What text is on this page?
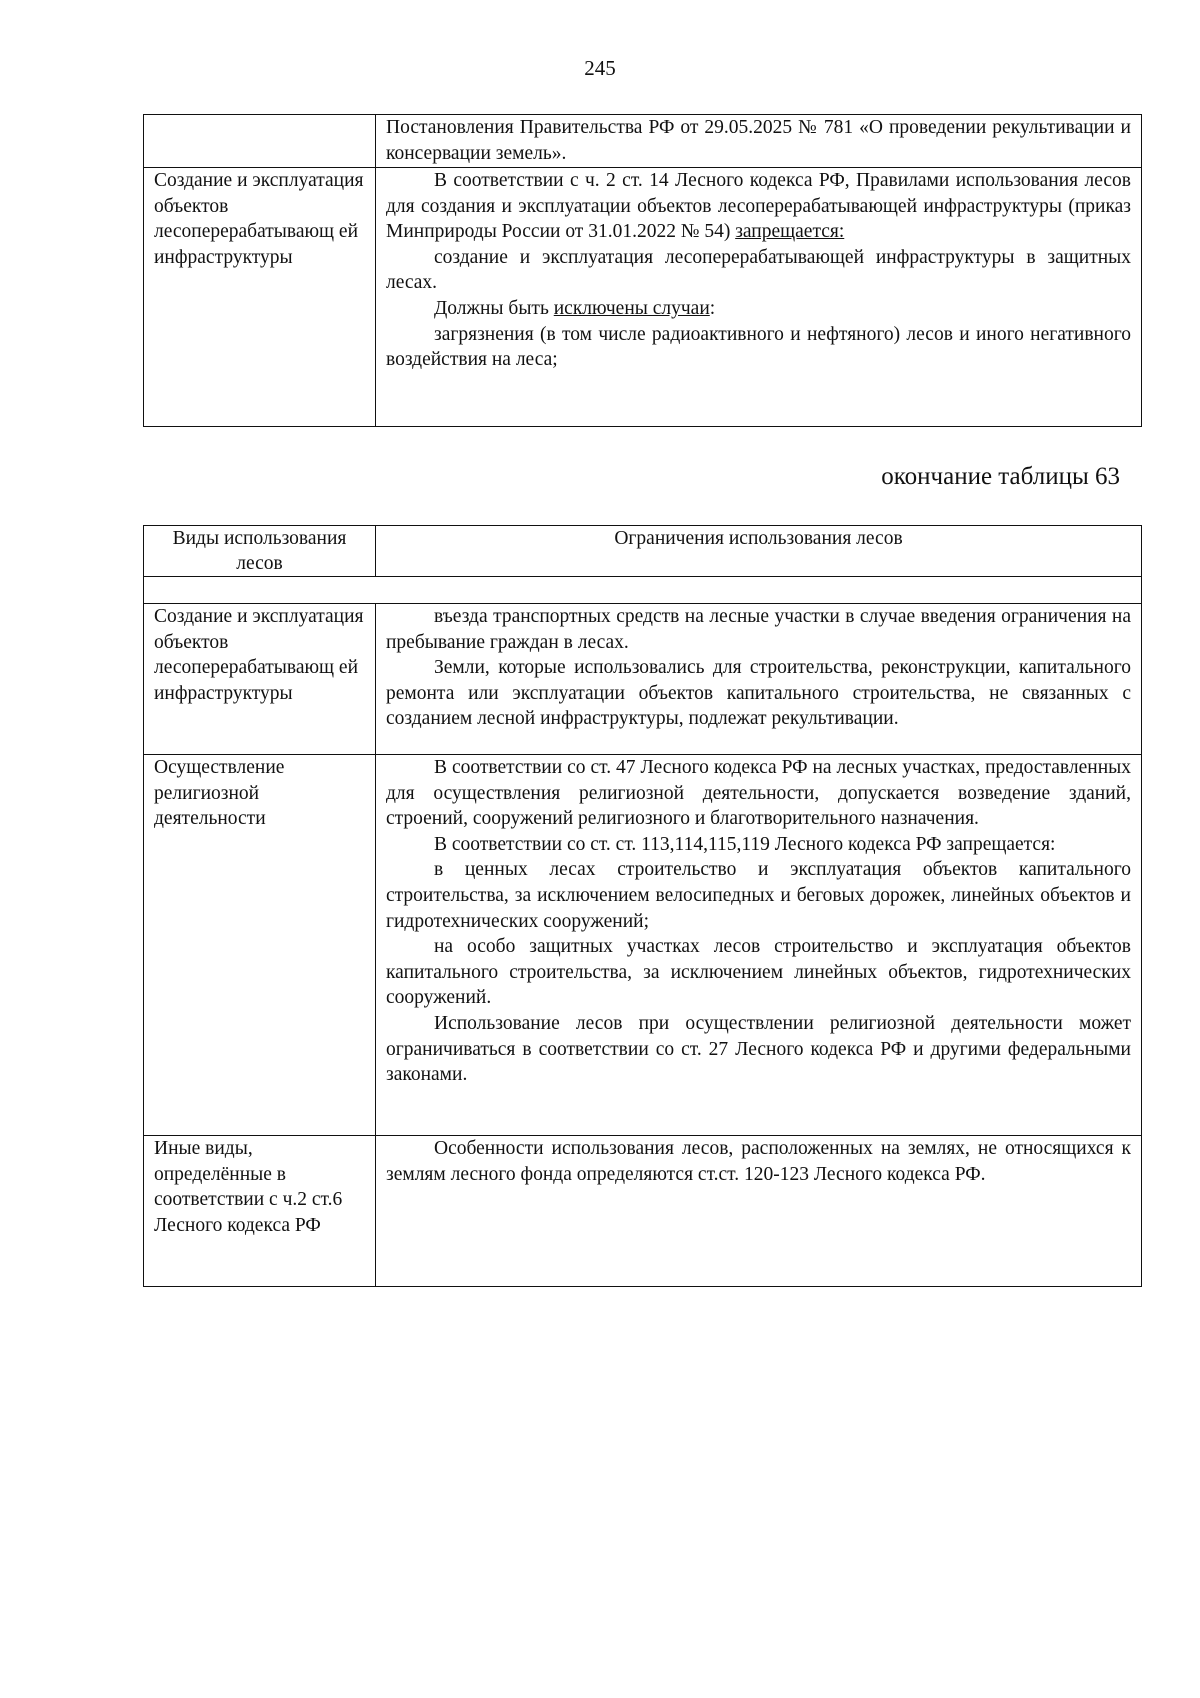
245

	Постановления Правительства РФ от 29.05.2025 № 781 «О проведении рекультивации и консервации земель».

Создание и эксплуатация объектов лесоперерабатывающ ей инфраструктуры	В соответствии с ч. 2 ст. 14 Лесного кодекса РФ, Правилами использования лесов для создания и эксплуатации объектов лесоперерабатывающей инфраструктуры (приказ Минприроды России от 31.01.2022 № 54) запрещается:

создание и эксплуатация лесоперерабатывающей инфраструктуры в защитных лесах.

Должны быть исключены случаи:

загрязнения (в том числе радиоактивного и нефтяного) лесов и иного негативного воздействия на леса;

окончание таблицы 63
Виды использования лесов	Ограничения использования лесов

Создание и эксплуатация объектов лесоперерабатывающ ей инфраструктуры	въезда транспортных средств на лесные участки в случае введения ограничения на пребывание граждан в лесах.

Земли, которые использовались для строительства, реконструкции, капитального ремонта или эксплуатации объектов капитального строительства, не связанных с созданием лесной инфраструктуры, подлежат рекультивации.

Осуществление религиозной деятельности	В соответствии со ст. 47 Лесного кодекса РФ на лесных участках, предоставленных для осуществления религиозной деятельности, допускается возведение зданий, строений, сооружений религиозного и благотворительного назначения.

В соответствии со ст. ст. 113,114,115,119 Лесного кодекса РФ запрещается:

в ценных лесах строительство и эксплуатация объектов капитального строительства, за исключением велосипедных и беговых дорожек, линейных объектов и гидротехнических сооружений;

на особо защитных участках лесов строительство и эксплуатация объектов капитального строительства, за исключением линейных объектов, гидротехнических сооружений.

Использование лесов при осуществлении религиозной деятельности может ограничиваться в соответствии со ст. 27 Лесного кодекса РФ и другими федеральными законами.

Иные виды, определённые в соответствии с ч.2 ст.6 Лесного кодекса РФ	Особенности использования лесов, расположенных на землях, не относящихся к землям лесного фонда определяются ст.ст. 120-123 Лесного кодекса РФ.
